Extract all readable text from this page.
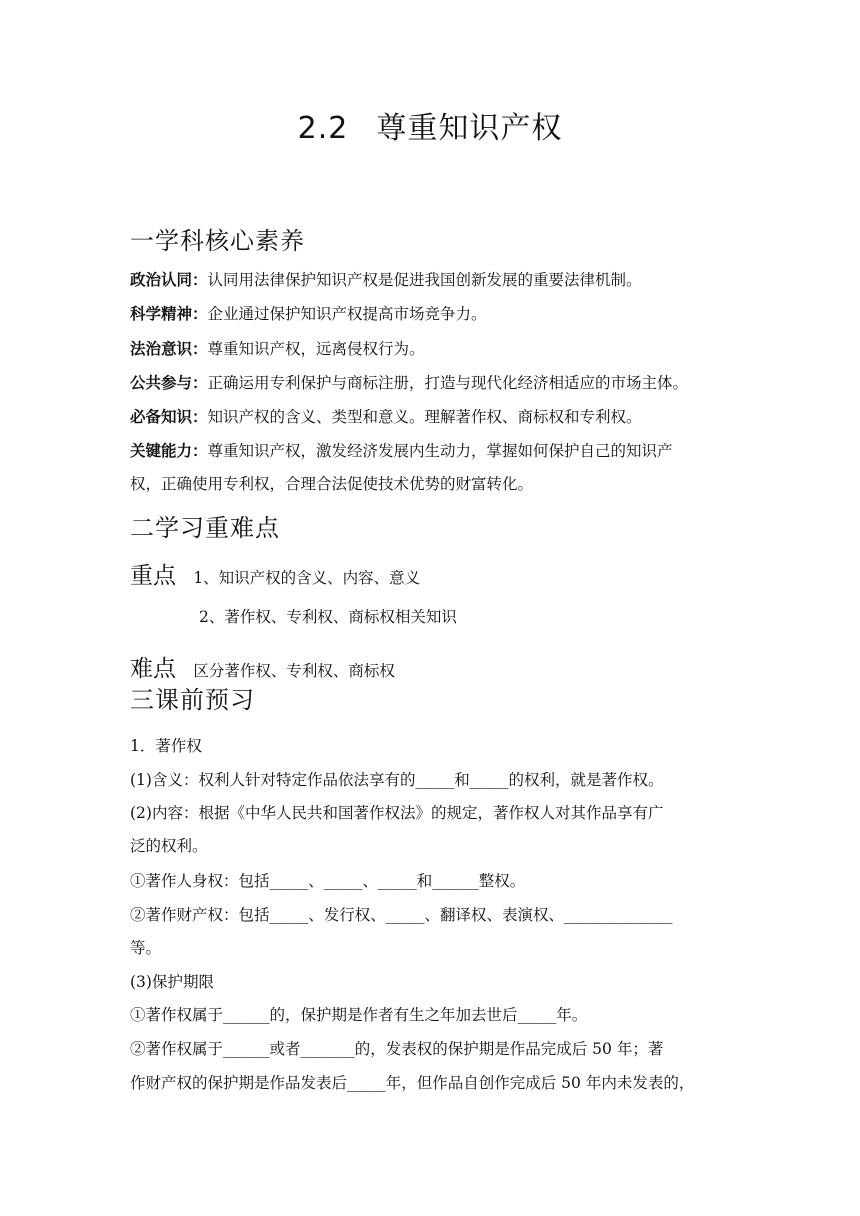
2.2 尊重知识产权
一学科核心素养
政治认同：认同用法律保护知识产权是促进我国创新发展的重要法律机制。
科学精神：企业通过保护知识产权提高市场竞争力。
法治意识：尊重知识产权，远离侵权行为。
公共参与：正确运用专利保护与商标注册，打造与现代化经济相适应的市场主体。
必备知识：知识产权的含义、类型和意义。理解著作权、商标权和专利权。
关键能力：尊重知识产权，激发经济发展内生动力，掌握如何保护自己的知识产
权，正确使用专利权，合理合法促使技术优势的财富转化。
二学习重难点
重点 1、知识产权的含义、内容、意义
2、著作权、专利权、商标权相关知识
难点 区分著作权、专利权、商标权
三课前预习
1．著作权
(1)含义：权利人针对特定作品依法享有的_____和_____的权利，就是著作权。
(2)内容：根据《中华人民共和国著作权法》的规定，著作权人对其作品享有广
泛的权利。
①著作人身权：包括_____、_____、_____和______整权。
②著作财产权：包括_____、发行权、_____、翻译权、表演权、______________
等。
(3)保护期限
①著作权属于______的，保护期是作者有生之年加去世后_____年。
②著作权属于______或者_______的，发表权的保护期是作品完成后 50 年；著
作财产权的保护期是作品发表后_____年，但作品自创作完成后 50 年内未发表的，
